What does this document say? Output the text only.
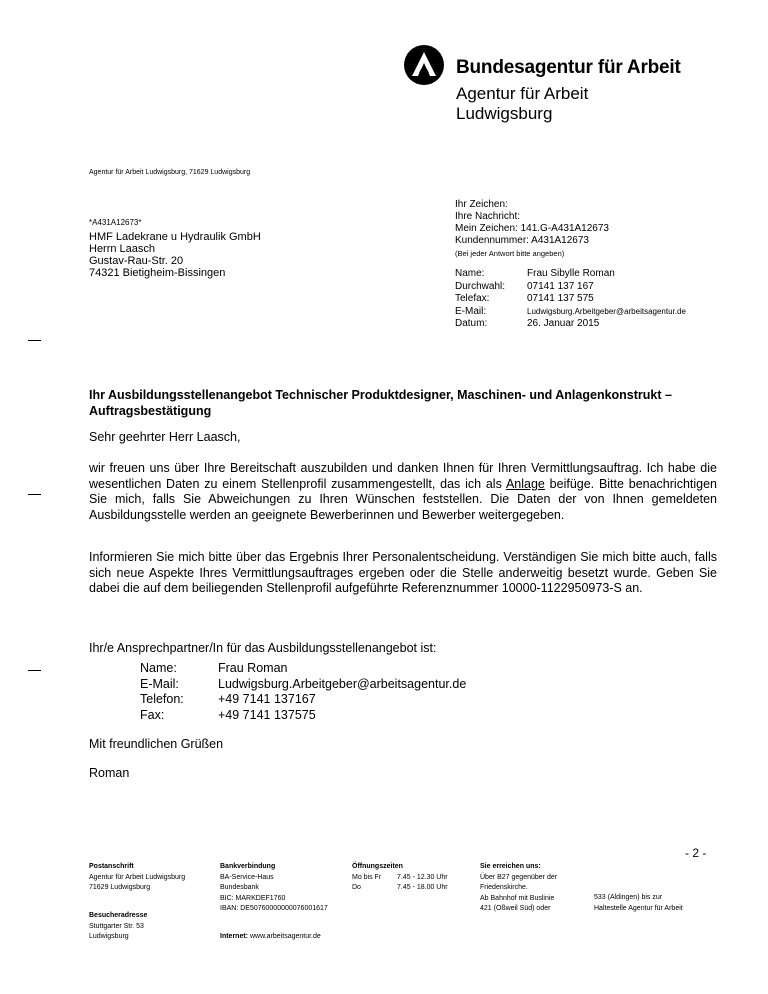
Bundesagentur für Arbeit
Agentur für Arbeit
Ludwigsburg
Agentur für Arbeit Ludwigsburg, 71629 Ludwigsburg
*A431A12673*
HMF Ladekrane u Hydraulik GmbH
Herrn Laasch
Gustav-Rau-Str. 20
74321 Bietigheim-Bissingen
Ihr Zeichen:
Ihre Nachricht:
Mein Zeichen: 141.G-A431A12673
Kundennummer: A431A12673
(Bei jeder Antwort bitte angeben)
Name:	Frau Sibylle Roman
Durchwahl:	07141 137 167
Telefax:	07141 137 575
E-Mail:	Ludwigsburg.Arbeitgeber@arbeitsagentur.de
Datum:	26. Januar 2015
Ihr Ausbildungsstellenangebot Technischer Produktdesigner, Maschinen- und Anlagenkonstrukt – Auftragsbestätigung
Sehr geehrter Herr Laasch,
wir freuen uns über Ihre Bereitschaft auszubilden und danken Ihnen für Ihren Vermittlungsauftrag. Ich habe die wesentlichen Daten zu einem Stellenprofil zusammengestellt, das ich als Anlage beifüge. Bitte benachrichtigen Sie mich, falls Sie Abweichungen zu Ihren Wünschen feststellen. Die Daten der von Ihnen gemeldeten Ausbildungsstelle werden an geeignete Bewerberinnen und Bewerber weitergegeben.
Informieren Sie mich bitte über das Ergebnis Ihrer Personalentscheidung. Verständigen Sie mich bitte auch, falls sich neue Aspekte Ihres Vermittlungsauftrages ergeben oder die Stelle anderweitig besetzt wurde. Geben Sie dabei die auf dem beiliegenden Stellenprofil aufgeführte Referenznummer 10000-1122950973-S an.
Ihr/e Ansprechpartner/In für das Ausbildungsstellenangebot ist:
Name:	Frau Roman
E-Mail:	Ludwigsburg.Arbeitgeber@arbeitsagentur.de
Telefon:	+49 7141 137167
Fax:	+49 7141 137575
Mit freundlichen Grüßen
Roman
- 2 -
Postanschrift
Agentur für Arbeit Ludwigsburg
71629 Ludwigsburg
Besucheradresse
Stuttgarter Str. 53
Ludwigsburg
Bankverbindung
BA-Service-Haus
Bundesbank
BIC: MARKDEF1760
IBAN: DE50760000000076001617
Internet: www.arbeitsagentur.de
Öffnungszeiten
Mo bis Fr	7.45 - 12.30 Uhr
Do	7.45 - 18.00 Uhr
Sie erreichen uns:
Über B27 gegenüber der
Friedenskirche.
Ab Bahnhof mit Buslinie
421 (Oßweil Süd) oder
533 (Aldingen) bis zur
Haltestelle Agentur für Arbeit
